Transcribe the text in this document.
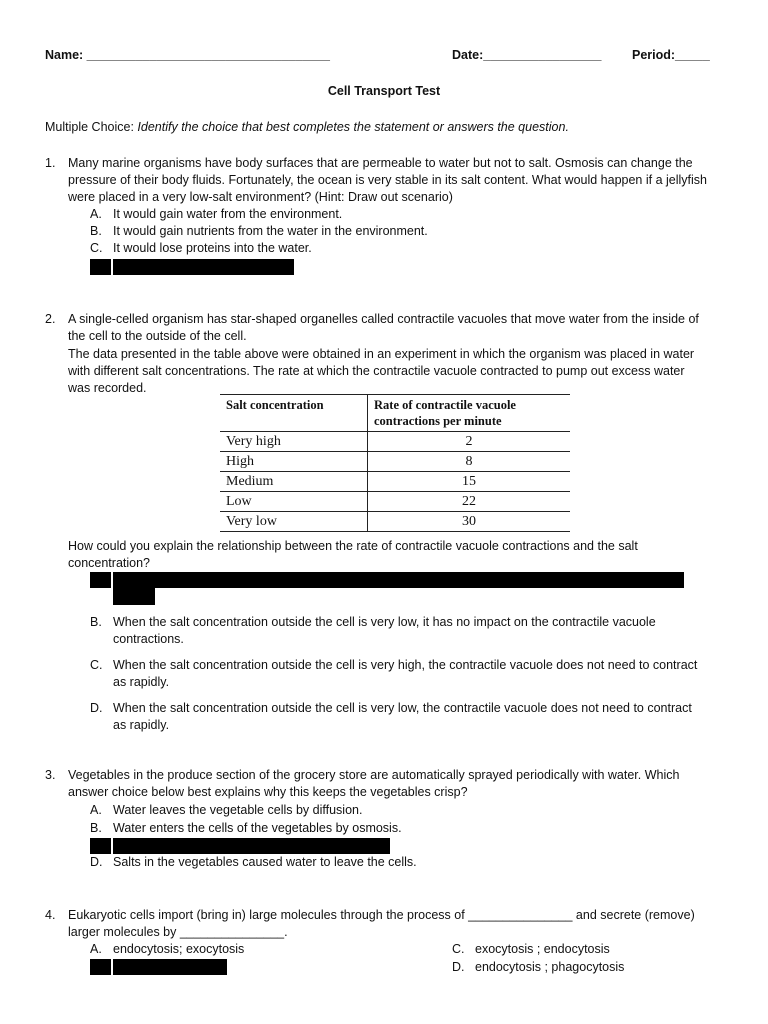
Name: ___________________________________	Date:_________________ Period:_____
Cell Transport Test
Multiple Choice: Identify the choice that best completes the statement or answers the question.
1. Many marine organisms have body surfaces that are permeable to water but not to salt. Osmosis can change the
pressure of their body fluids. Fortunately, the ocean is very stable in its salt content. What would happen if a jellyfish
were placed in a very low-salt environment? (Hint: Draw out scenario)
A. It would gain water from the environment.
B. It would gain nutrients from the water in the environment.
C. It would lose proteins into the water.
2. A single-celled organism has star-shaped organelles called contractile vacuoles that move water from the inside of
the cell to the outside of the cell.
The data presented in the table above were obtained in an experiment in which the organism was placed in water
with different salt concentrations. The rate at which the contractile vacuole contracted to pump out excess water
was recorded.
Salt concentration	Rate of contractile vacuole contractions per minute
Very high	2
High	8
Medium	15
Low	22
Very low	30
How could you explain the relationship between the rate of contractile vacuole contractions and the salt
concentration?
B. When the salt concentration outside the cell is very low, it has no impact on the contractile vacuole
contractions.
C. When the salt concentration outside the cell is very high, the contractile vacuole does not need to contract
as rapidly.
D. When the salt concentration outside the cell is very low, the contractile vacuole does not need to contract
as rapidly.
3. Vegetables in the produce section of the grocery store are automatically sprayed periodically with water. Which
answer choice below best explains why this keeps the vegetables crisp?
A. Water leaves the vegetable cells by diffusion.
B. Water enters the cells of the vegetables by osmosis.
D. Salts in the vegetables caused water to leave the cells.
4. Eukaryotic cells import (bring in) large molecules through the process of _______________ and secrete (remove)
larger molecules by _______________.
A. endocytosis; exocytosis	C. exocytosis ; endocytosis
D. endocytosis ; phagocytosis
